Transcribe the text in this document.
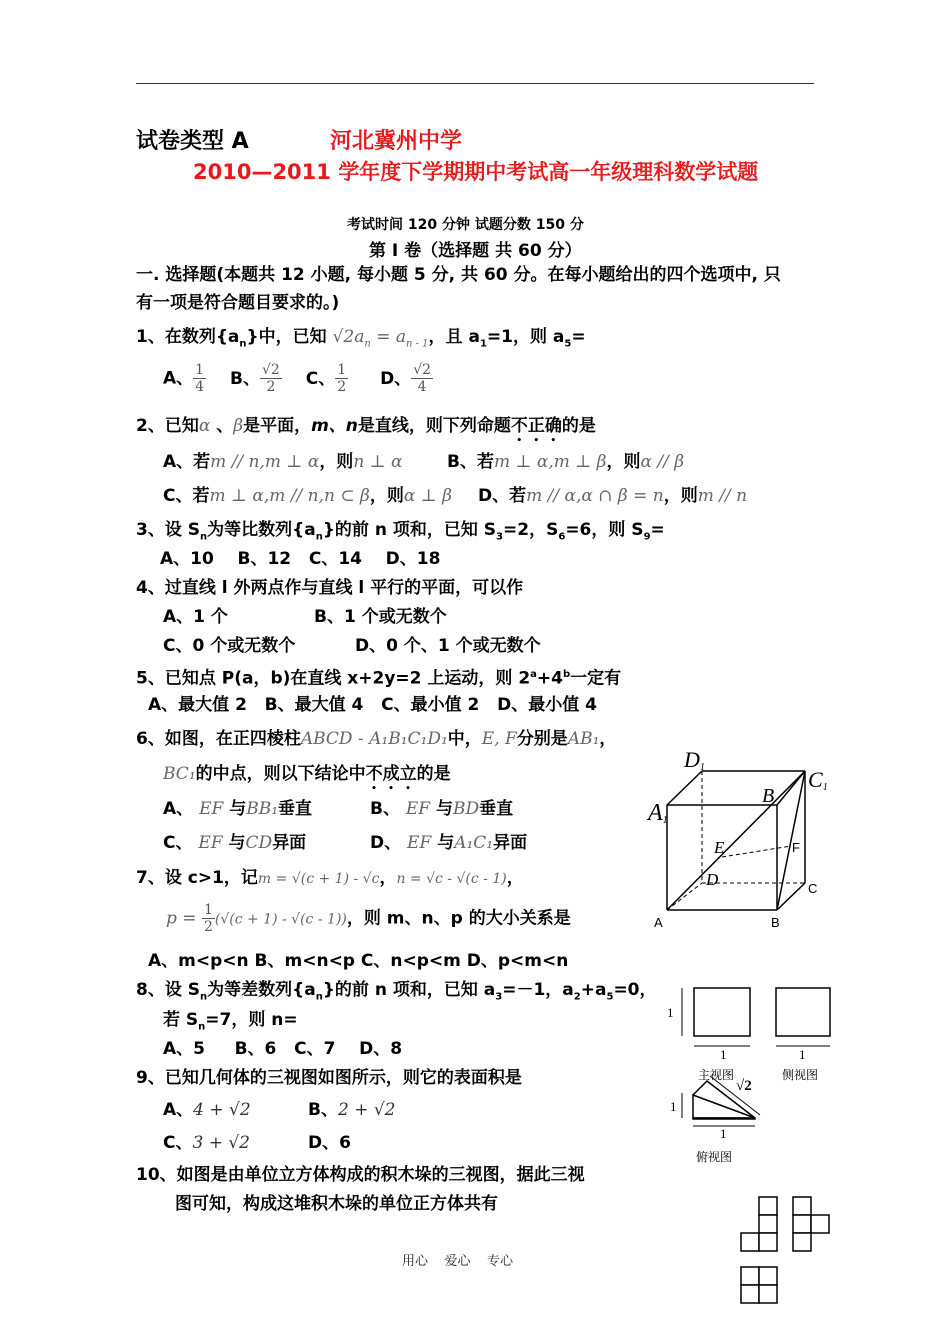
试卷类型 A	河北冀州中学
2010—2011 学年度下学期期中考试高一年级理科数学试题
考试时间 120 分钟 试题分数 150 分
第 Ⅰ 卷（选择题 共 60 分）
一. 选择题(本题共 12 小题, 每小题 5 分, 共 60 分。在每小题给出的四个选项中, 只
有一项是符合题目要求的。)
1、在数列$\{a_n\}$中，已知 $√2a_n = a_{n - 1}$，且 $a_1=1$，则 $a_5=$
A、 $\frac{1}{4}$ B、 $\frac{√2}{2}$ C、 $\frac{1}{2}$ D、 $\frac{√2}{4}$
2、已知α 、β是平面，m、n是直线，则下列命题不正确的是
A、若m // n,m ⊥ α，则n ⊥ α	B、若m ⊥ α,m ⊥ β，则α // β
C、若m ⊥ α,m // n,n ⊂ β，则α ⊥ β D、若m // α,α ∩ β = n，则m // n
3、设 $S_n$为等比数列$\{a_n\}$的前 n 项和，已知 $S_3=2$，$S_6=6$，则 $S_9=$
A、10    B、12   C、14    D、18
4、过直线 l 外两点作与直线 l 平行的平面，可以作
A、1 个	B、1 个或无数个
C、0 个或无数个	D、0 个、1 个或无数个
5、已知点 P(a，b)在直线 x+2y=2 上运动，则 $2^a+4^b$一定有
A、最大值 2   B、最大值 4   C、最小值 2   D、最小值 4
6、如图，在正四棱柱ABCD - A₁B₁C₁D₁中，E, F分别是AB₁，
BC₁的中点，则以下结论中不成立的是
A、 EF 与BB₁垂直	B、 EF 与BD垂直
C、 EF 与CD异面	D、 EF 与A₁C₁异面
7、设 c>1，记m = √(c + 1) - √c，n = √c - √(c - 1)，
$p = \frac{1}{2} (√(c + 1) - √(c - 1))$，则 m、n、p 的大小关系是
A、m<p<n B、m<n<p C、n<p<m D、p<m<n
8、设 $S_n$为等差数列$\{a_n\}$的前 n 项和，已知 $a_3=-1$，$a_2+a_5=0$，
若 $S_n=7$，则 n=
A、5     B、6   C、7    D、8
9、已知几何体的三视图如图所示，则它的表面积是
A、4 + √2	B、2 + √2
C、3 + √2	D、6
10、如图是由单位立方体构成的积木垛的三视图，据此三视
图可知，构成这堆积木垛的单位正方体共有
D1	C1
A1
B
E
D
F
C
A	B
1
1	1
1
1
√2
主视图	侧视图
俯视图
用心    爱心    专心
